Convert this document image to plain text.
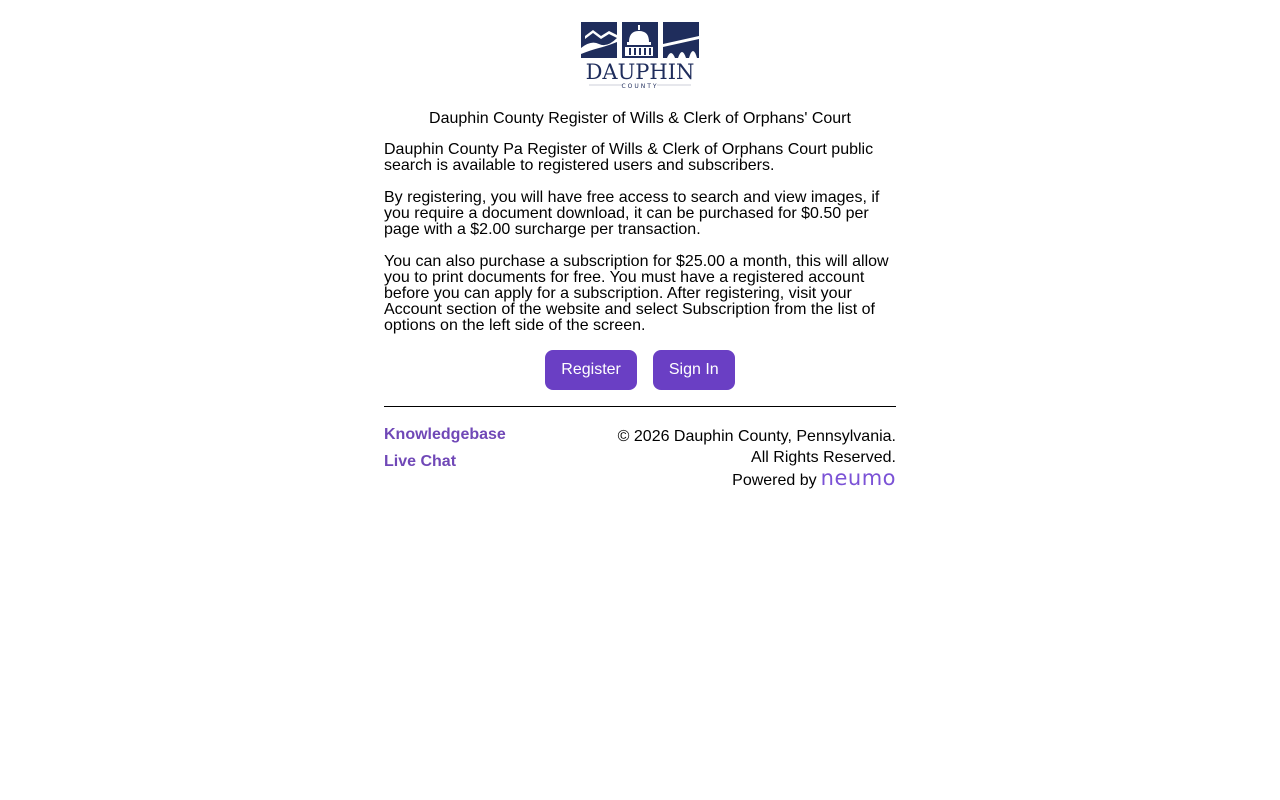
DAUPHIN
COUNTY
Dauphin County Register of Wills & Clerk of Orphans' Court

Dauphin County Pa Register of Wills & Clerk of Orphans Court public search is available to registered users and subscribers.

By registering, you will have free access to search and view images, if you require a document download, it can be purchased for $0.50 per page with a $2.00 surcharge per transaction.

You can also purchase a subscription for $25.00 a month, this will allow you to print documents for free. You must have a registered account before you can apply for a subscription. After registering, visit your Account section of the website and select Subscription from the list of options on the left side of the screen.

Register	Sign In
Knowledgebase
Live Chat
© 2026 Dauphin County, Pennsylvania.
All Rights Reserved.
Powered by neumo
